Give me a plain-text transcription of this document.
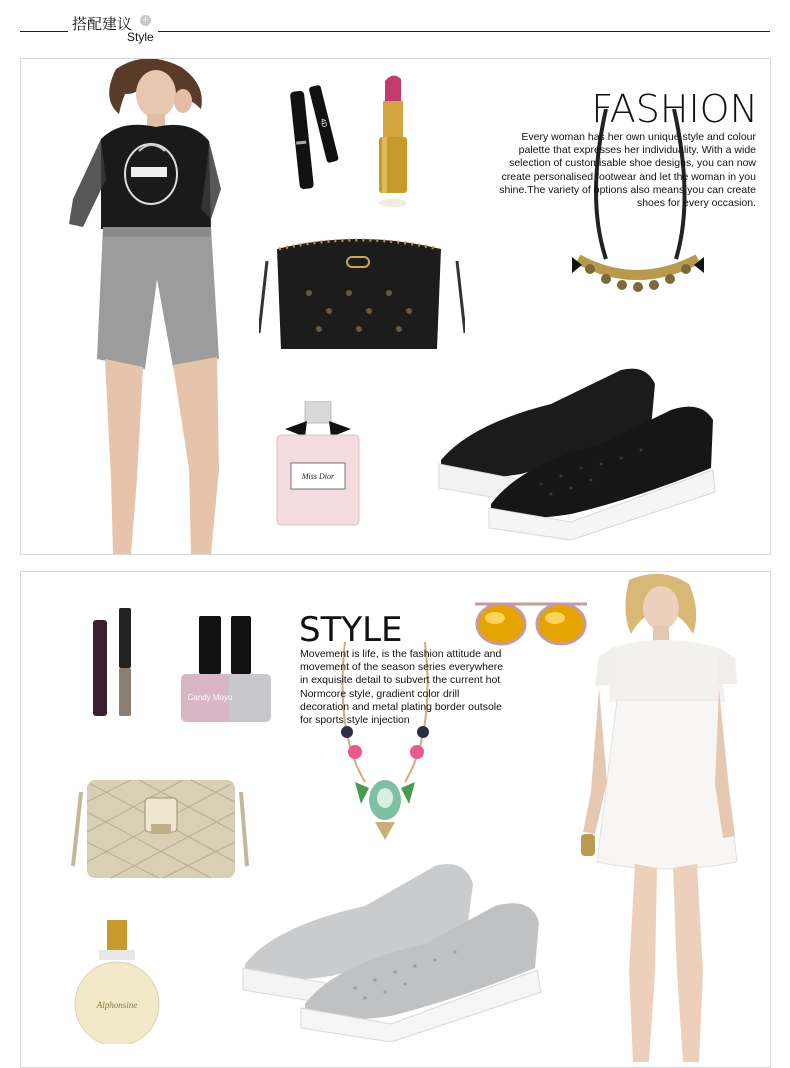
搭配建议 +
Style
4D
Miss Dior
FASHION
Every woman has her own unique style and colour palette that expresses her individuality. With a wide selection of customisable shoe designs, you can now create personalised footwear and let the woman in you shine.The variety of options also means you can create shoes for every occasion.
Candy Moyo
Alphonsine
STYLE
Movement is life, is the fashion attitude and movement of the season series everywhere in exquisite detail to subvert the current hot Normcore style, gradient color drill decoration and metal plating border outsole for sports style injection
